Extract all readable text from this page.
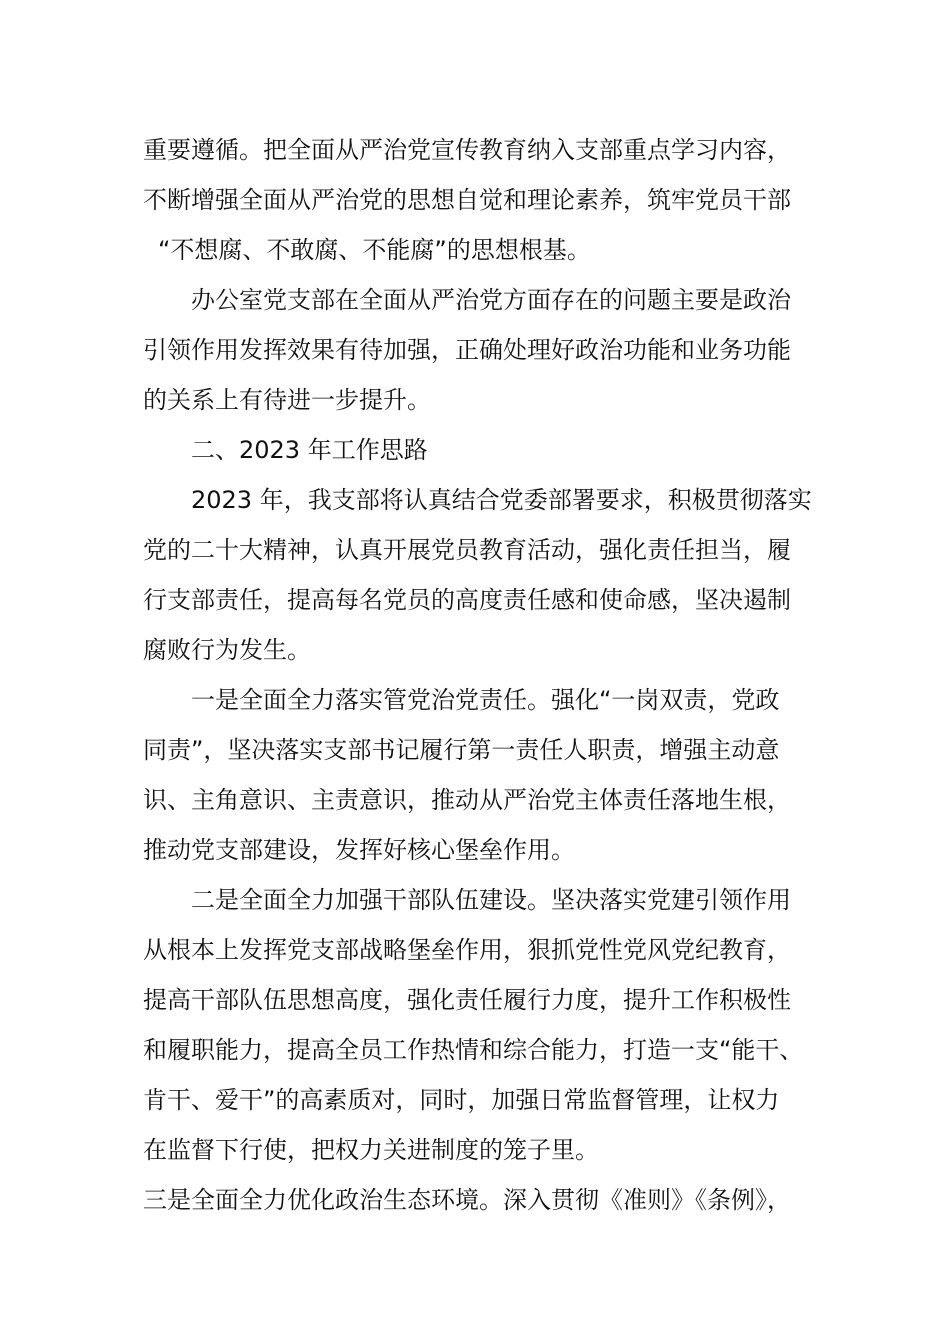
重要遵循。把全面从严治党宣传教育纳入支部重点学习内容，
不断增强全面从严治党的思想自觉和理论素养，筑牢党员干部
“不想腐、不敢腐、不能腐”的思想根基。
办公室党支部在全面从严治党方面存在的问题主要是政治
引领作用发挥效果有待加强，正确处理好政治功能和业务功能
的关系上有待进一步提升。
二、2023 年工作思路
2023 年，我支部将认真结合党委部署要求，积极贯彻落实
党的二十大精神，认真开展党员教育活动，强化责任担当，履
行支部责任，提高每名党员的高度责任感和使命感，坚决遏制
腐败行为发生。
一是全面全力落实管党治党责任。强化“一岗双责，党政
同责”，坚决落实支部书记履行第一责任人职责，增强主动意
识、主角意识、主责意识，推动从严治党主体责任落地生根，
推动党支部建设，发挥好核心堡垒作用。
二是全面全力加强干部队伍建设。坚决落实党建引领作用
从根本上发挥党支部战略堡垒作用，狠抓党性党风党纪教育，
提高干部队伍思想高度，强化责任履行力度，提升工作积极性
和履职能力，提高全员工作热情和综合能力，打造一支“能干、
肯干、爱干”的高素质对，同时，加强日常监督管理，让权力
在监督下行使，把权力关进制度的笼子里。
三是全面全力优化政治生态环境。深入贯彻《准则》《条例》，
